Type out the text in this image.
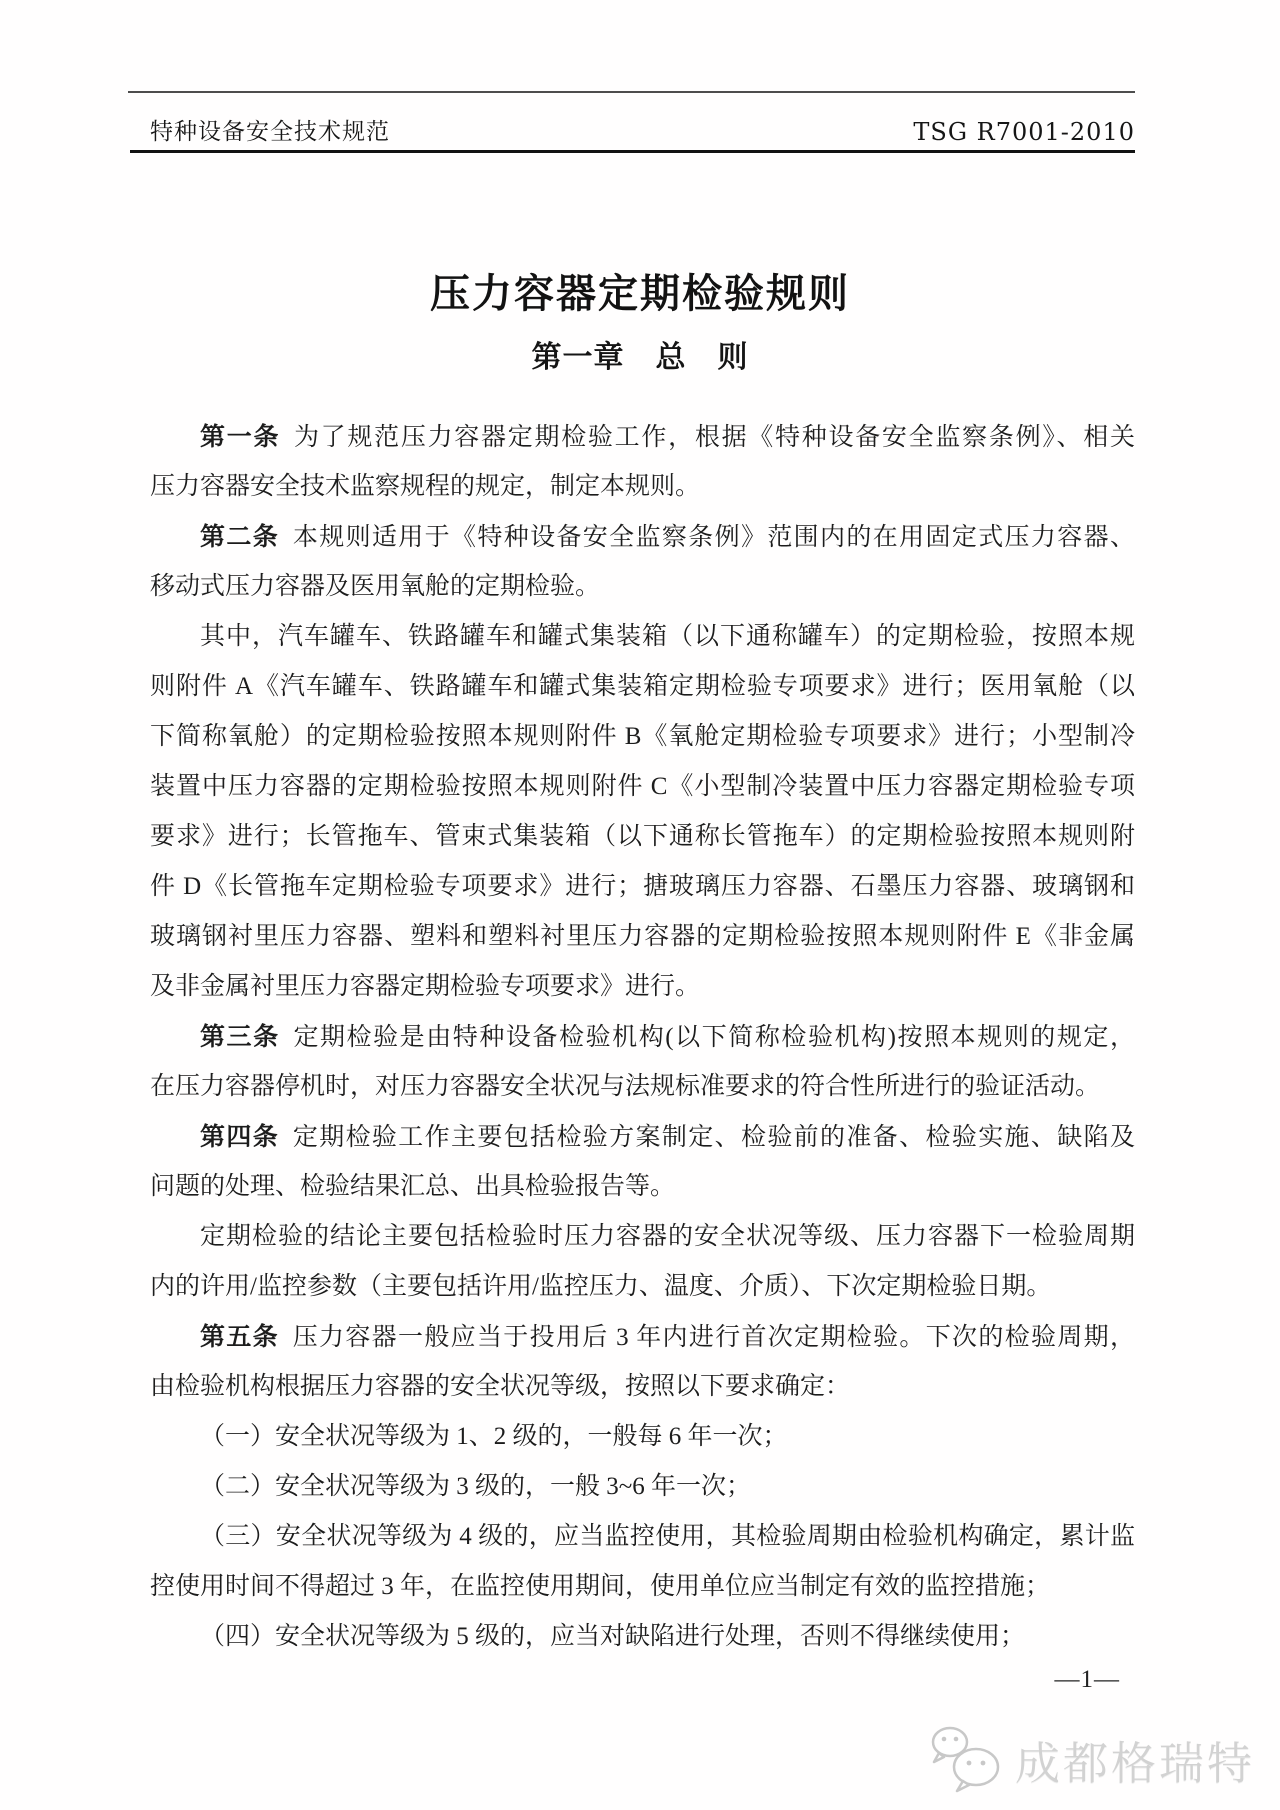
特种设备安全技术规范	TSG R7001-2010
压力容器定期检验规则
第一章　总　则
第一条 为了规范压力容器定期检验工作，根据《特种设备安全监察条例》、相关
压力容器安全技术监察规程的规定，制定本规则。
第二条 本规则适用于《特种设备安全监察条例》范围内的在用固定式压力容器、
移动式压力容器及医用氧舱的定期检验。
其中，汽车罐车、铁路罐车和罐式集装箱（以下通称罐车）的定期检验，按照本规
则附件 A《汽车罐车、铁路罐车和罐式集装箱定期检验专项要求》进行；医用氧舱（以
下简称氧舱）的定期检验按照本规则附件 B《氧舱定期检验专项要求》进行；小型制冷
装置中压力容器的定期检验按照本规则附件 C《小型制冷装置中压力容器定期检验专项
要求》进行；长管拖车、管束式集装箱（以下通称长管拖车）的定期检验按照本规则附
件 D《长管拖车定期检验专项要求》进行；搪玻璃压力容器、石墨压力容器、玻璃钢和
玻璃钢衬里压力容器、塑料和塑料衬里压力容器的定期检验按照本规则附件 E《非金属
及非金属衬里压力容器定期检验专项要求》进行。
第三条 定期检验是由特种设备检验机构(以下简称检验机构)按照本规则的规定，
在压力容器停机时，对压力容器安全状况与法规标准要求的符合性所进行的验证活动。
第四条 定期检验工作主要包括检验方案制定、检验前的准备、检验实施、缺陷及
问题的处理、检验结果汇总、出具检验报告等。
定期检验的结论主要包括检验时压力容器的安全状况等级、压力容器下一检验周期
内的许用/监控参数（主要包括许用/监控压力、温度、介质）、下次定期检验日期。
第五条 压力容器一般应当于投用后 3 年内进行首次定期检验。下次的检验周期，
由检验机构根据压力容器的安全状况等级，按照以下要求确定：
（一）安全状况等级为 1、2 级的，一般每 6 年一次；
（二）安全状况等级为 3 级的，一般 3~6 年一次；
（三）安全状况等级为 4 级的，应当监控使用，其检验周期由检验机构确定，累计监
控使用时间不得超过 3 年，在监控使用期间，使用单位应当制定有效的监控措施；
（四）安全状况等级为 5 级的，应当对缺陷进行处理，否则不得继续使用；
—1—
成都格瑞特
